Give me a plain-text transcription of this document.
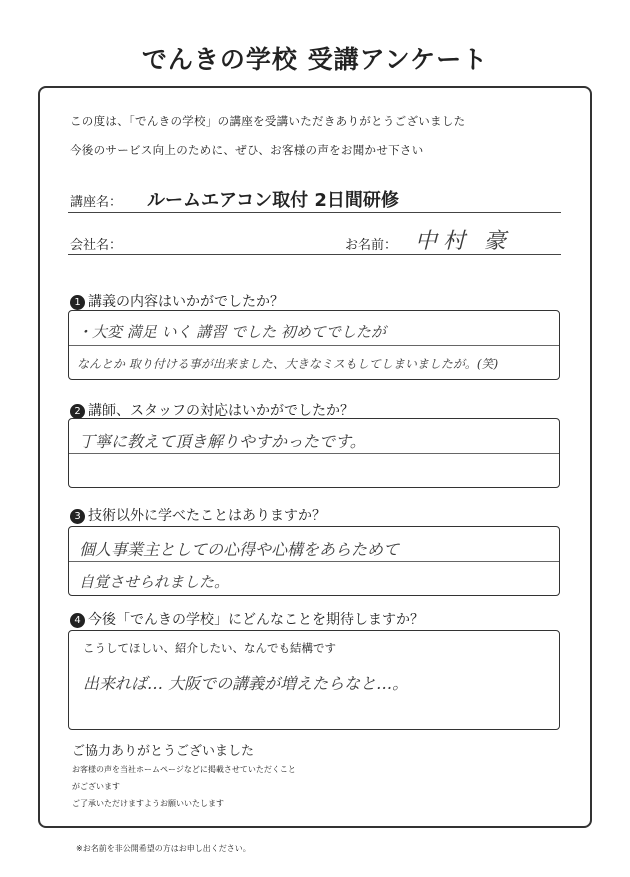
でんきの学校 受講アンケート
この度は、「でんきの学校」の講座を受講いただきありがとうございました
今後のサービス向上のために、ぜひ、お客様の声をお聞かせ下さい
講座名： ルームエアコン取付 2日間研修
会社名：	お名前： 中村 豪
1 講義の内容はいかがでしたか？
・大変 満足 いく 講習 でした 初めてでしたが
なんとか 取り付ける事が出来ました、大きなミスもしてしまいましたが。(笑)
2 講師、スタッフの対応はいかがでしたか？
丁寧に教えて頂き解りやすかったです。
3 技術以外に学べたことはありますか？
個人事業主としての心得や心構をあらためて
自覚させられました。
4 今後「でんきの学校」にどんなことを期待しますか？
こうしてほしい、紹介したい、なんでも結構です
出来れば… 大阪での講義が増えたらなと…。
ご協力ありがとうございました
お客様の声を当社ホームページなどに掲載させていただくこと
がございます
ご了承いただけますようお願いいたします
※お名前を非公開希望の方はお申し出ください。
